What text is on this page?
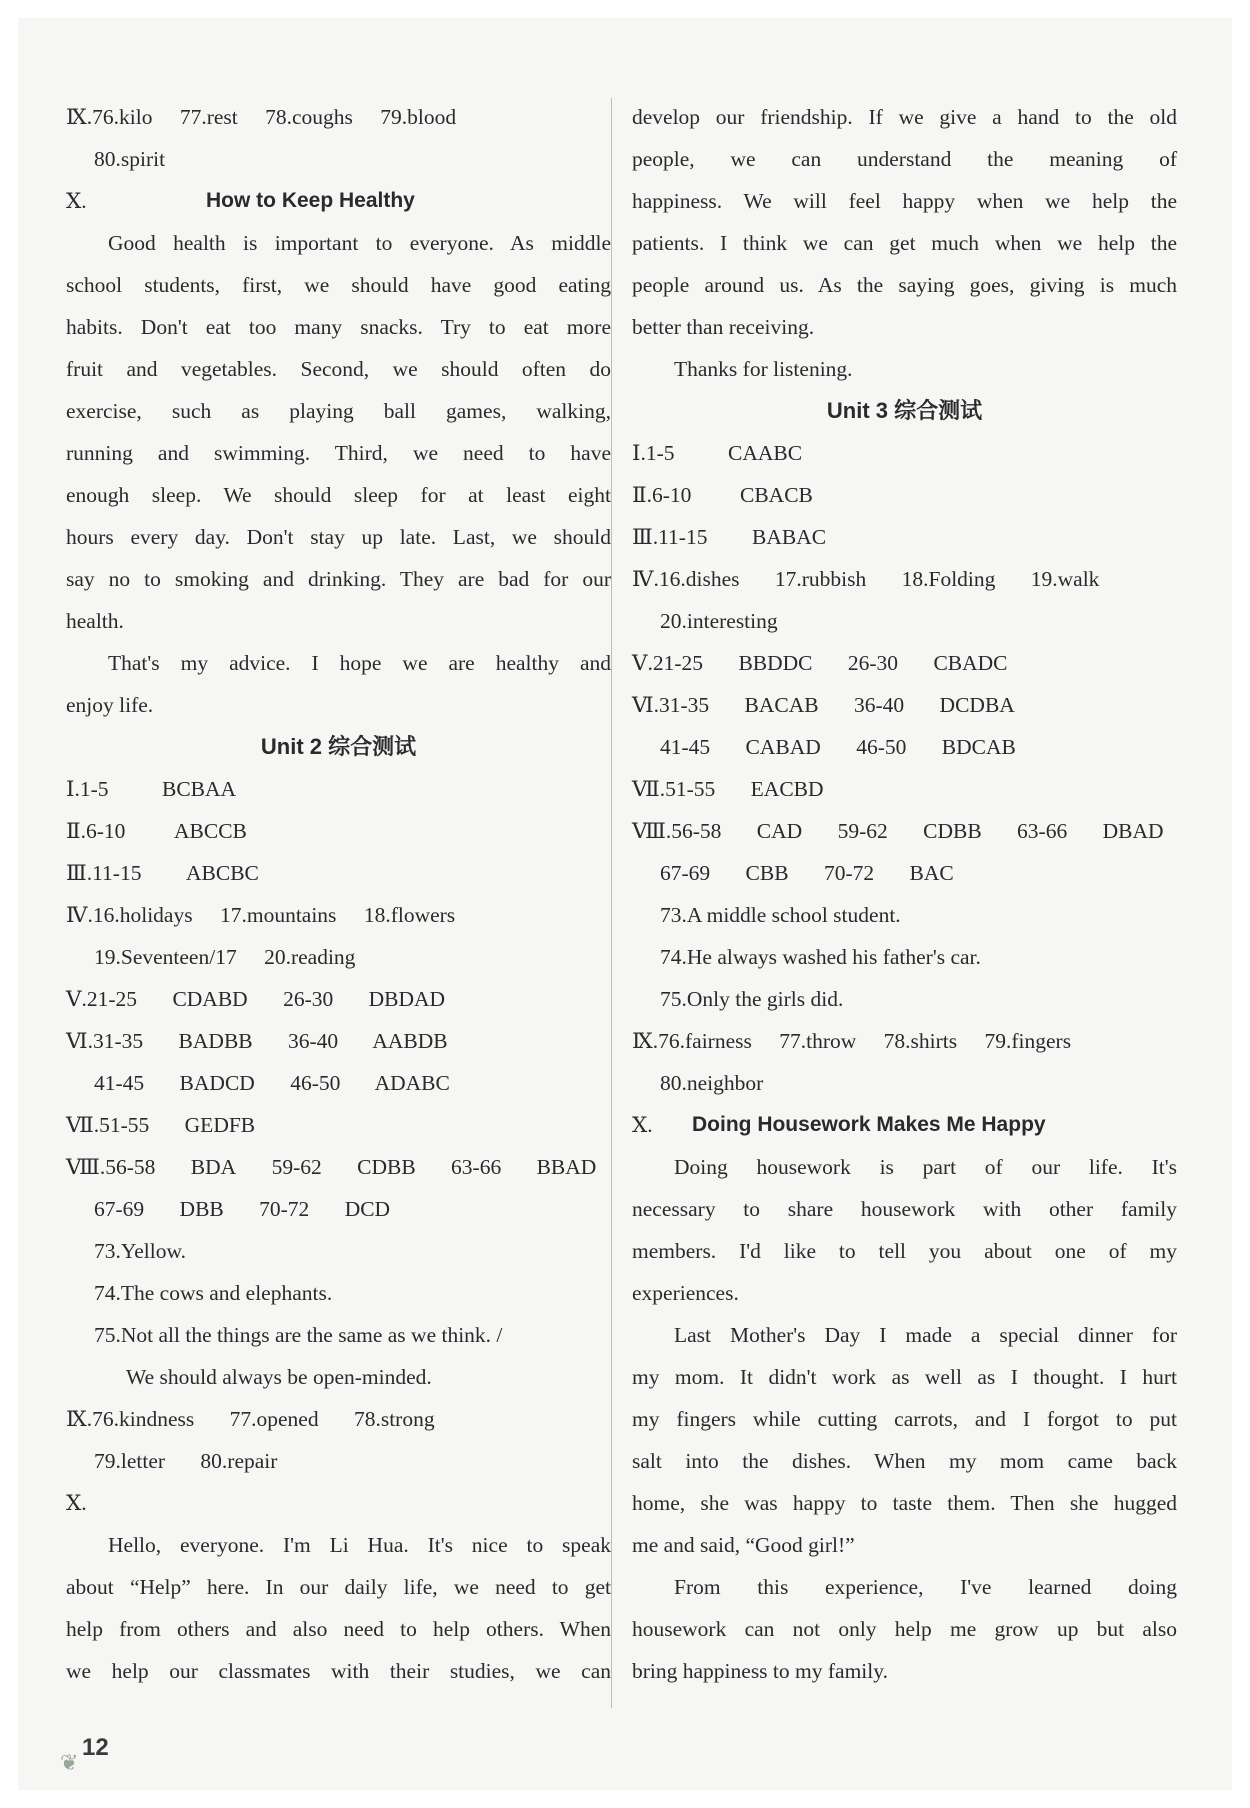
Ⅸ.76.kilo 77.rest 78.coughs 79.blood
80.spirit
Ⅹ.	How to Keep Healthy
Good health is important to everyone. As middle
school students, first, we should have good eating
habits. Don't eat too many snacks. Try to eat more
fruit and vegetables. Second, we should often do
exercise, such as playing ball games, walking,
running and swimming. Third, we need to have
enough sleep. We should sleep for at least eight
hours every day. Don't stay up late. Last, we should
say no to smoking and drinking. They are bad for our
health.
That's my advice. I hope we are healthy and
enjoy life.
Unit 2 综合测试
Ⅰ.1-5 BCBAA
Ⅱ.6-10 ABCCB
Ⅲ.11-15 ABCBC
Ⅳ.16.holidays 17.mountains 18.flowers
19.Seventeen/17 20.reading
Ⅴ.21-25 CDABD 26-30 DBDAD
Ⅵ.31-35 BADBB 36-40 AABDB
41-45 BADCD 46-50 ADABC
Ⅶ.51-55 GEDFB
Ⅷ.56-58 BDA 59-62 CDBB 63-66 BBAD
67-69 DBB 70-72 DCD
73.Yellow.
74.The cows and elephants.
75.Not all the things are the same as we think. /
We should always be open-minded.
Ⅸ.76.kindness 77.opened 78.strong
79.letter 80.repair
Ⅹ.
Hello, everyone. I'm Li Hua. It's nice to speak
about “Help” here. In our daily life, we need to get
help from others and also need to help others. When
we help our classmates with their studies, we can
develop our friendship. If we give a hand to the old
people, we can understand the meaning of
happiness. We will feel happy when we help the
patients. I think we can get much when we help the
people around us. As the saying goes, giving is much
better than receiving.
Thanks for listening.
Unit 3 综合测试
Ⅰ.1-5 CAABC
Ⅱ.6-10 CBACB
Ⅲ.11-15 BABAC
Ⅳ.16.dishes 17.rubbish 18.Folding 19.walk
20.interesting
Ⅴ.21-25 BBDDC 26-30 CBADC
Ⅵ.31-35 BACAB 36-40 DCDBA
41-45 CABAD 46-50 BDCAB
Ⅶ.51-55 EACBD
Ⅷ.56-58 CAD 59-62 CDBB 63-66 DBAD
67-69 CBB 70-72 BAC
73.A middle school student.
74.He always washed his father's car.
75.Only the girls did.
Ⅸ.76.fairness 77.throw 78.shirts 79.fingers
80.neighbor
Ⅹ.	Doing Housework Makes Me Happy
Doing housework is part of our life. It's
necessary to share housework with other family
members. I'd like to tell you about one of my
experiences.
Last Mother's Day I made a special dinner for
my mom. It didn't work as well as I thought. I hurt
my fingers while cutting carrots, and I forgot to put
salt into the dishes. When my mom came back
home, she was happy to taste them. Then she hugged
me and said, “Good girl!”
From this experience, I've learned doing
housework can not only help me grow up but also
bring happiness to my family.
❦
12
